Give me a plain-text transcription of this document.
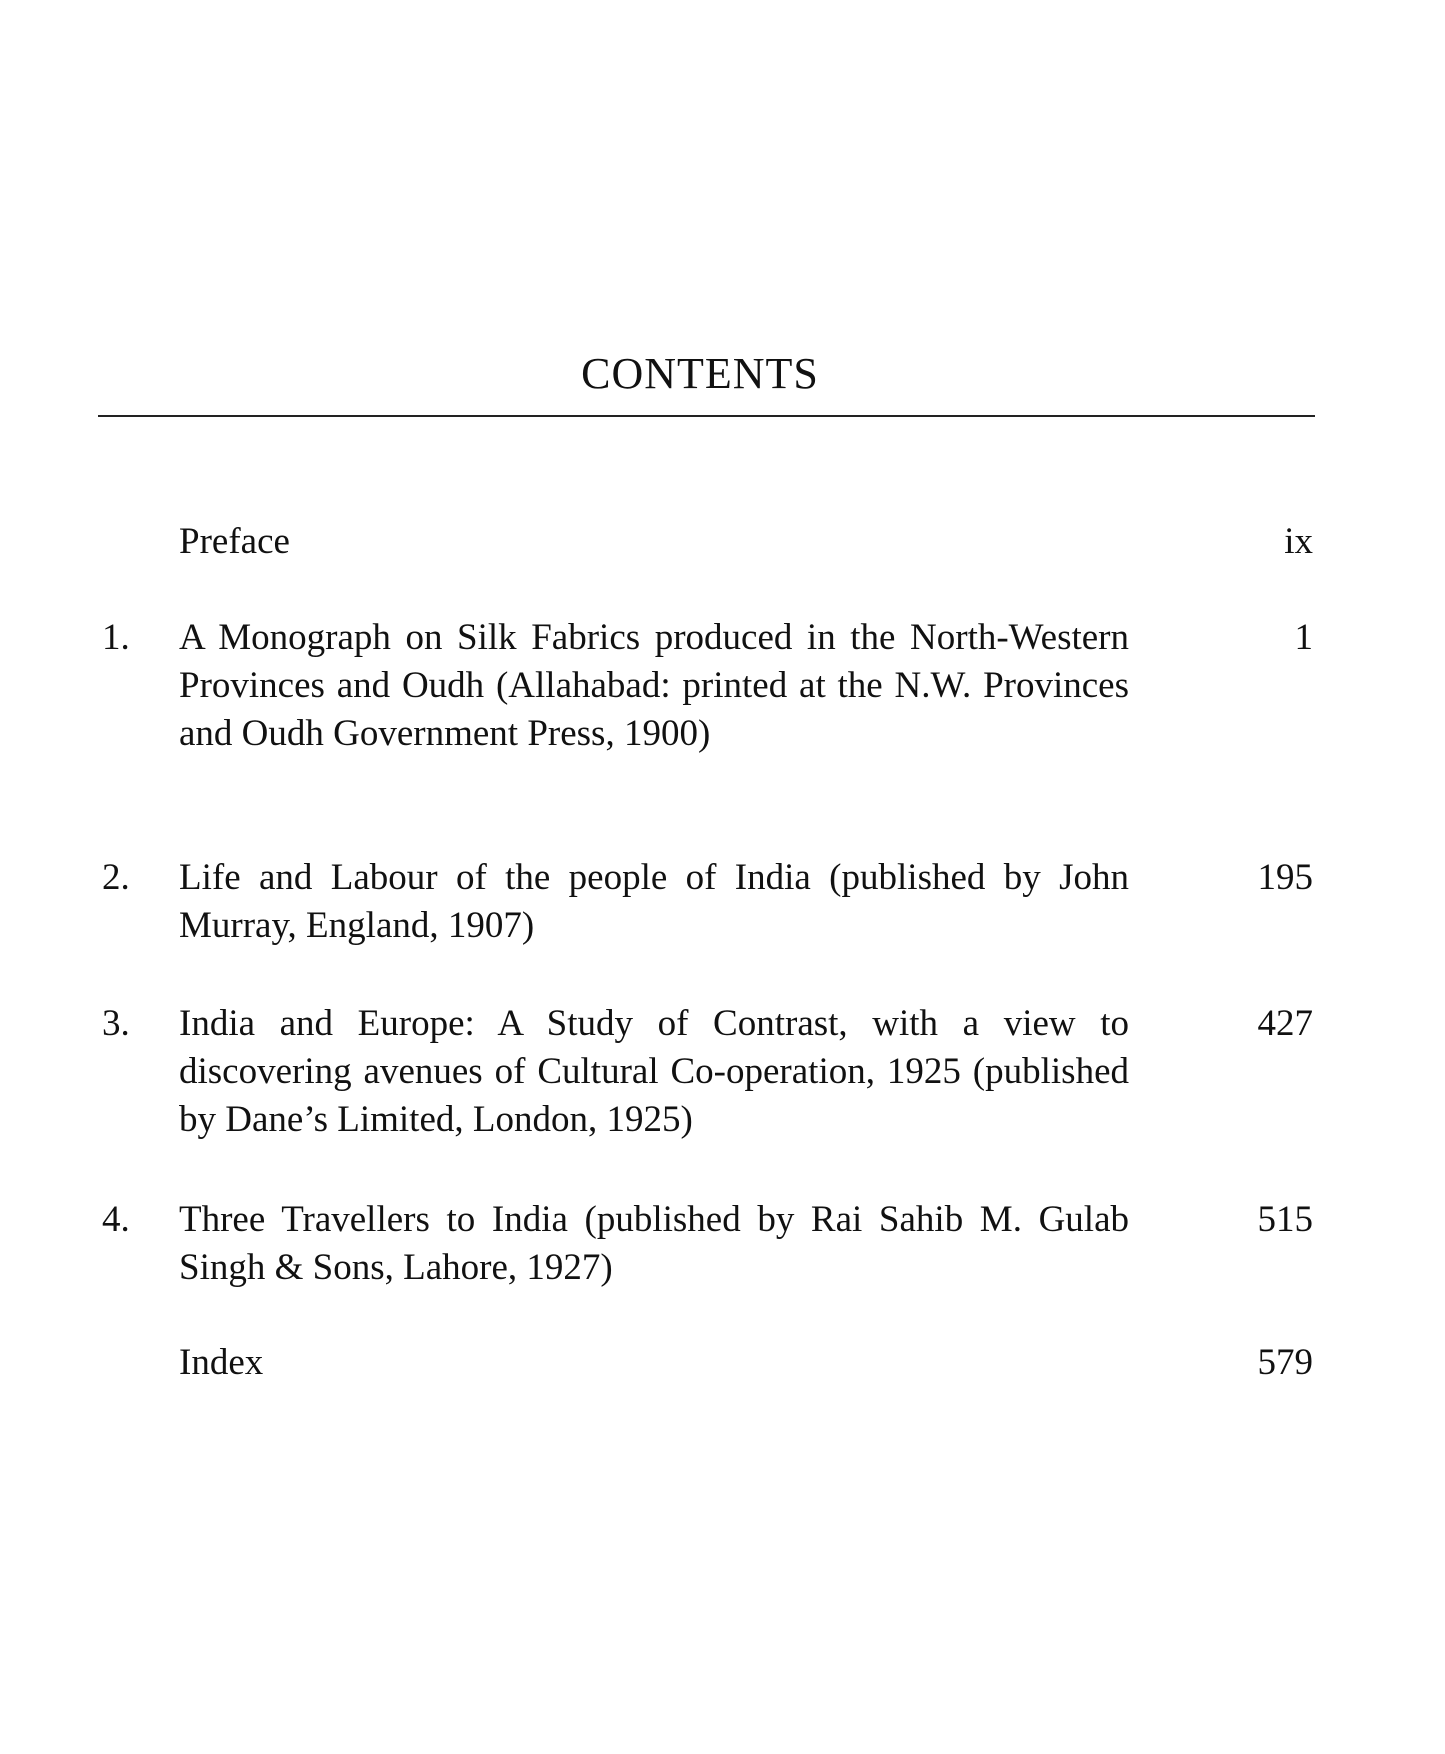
CONTENTS
Preface	ix
1. A Monograph on Silk Fabrics produced in the North-Western Provinces and Oudh (Allahabad: printed at the N.W. Provinces and Oudh Government Press, 1900)
1
2. Life and Labour of the people of India (published by John Murray, England, 1907)
195
3. India and Europe: A Study of Contrast, with a view to discovering avenues of Cultural Co-operation, 1925 (published by Dane’s Limited, London, 1925)
427
4. Three Travellers to India (published by Rai Sahib M. Gulab Singh & Sons, Lahore, 1927)
515
Index	579
